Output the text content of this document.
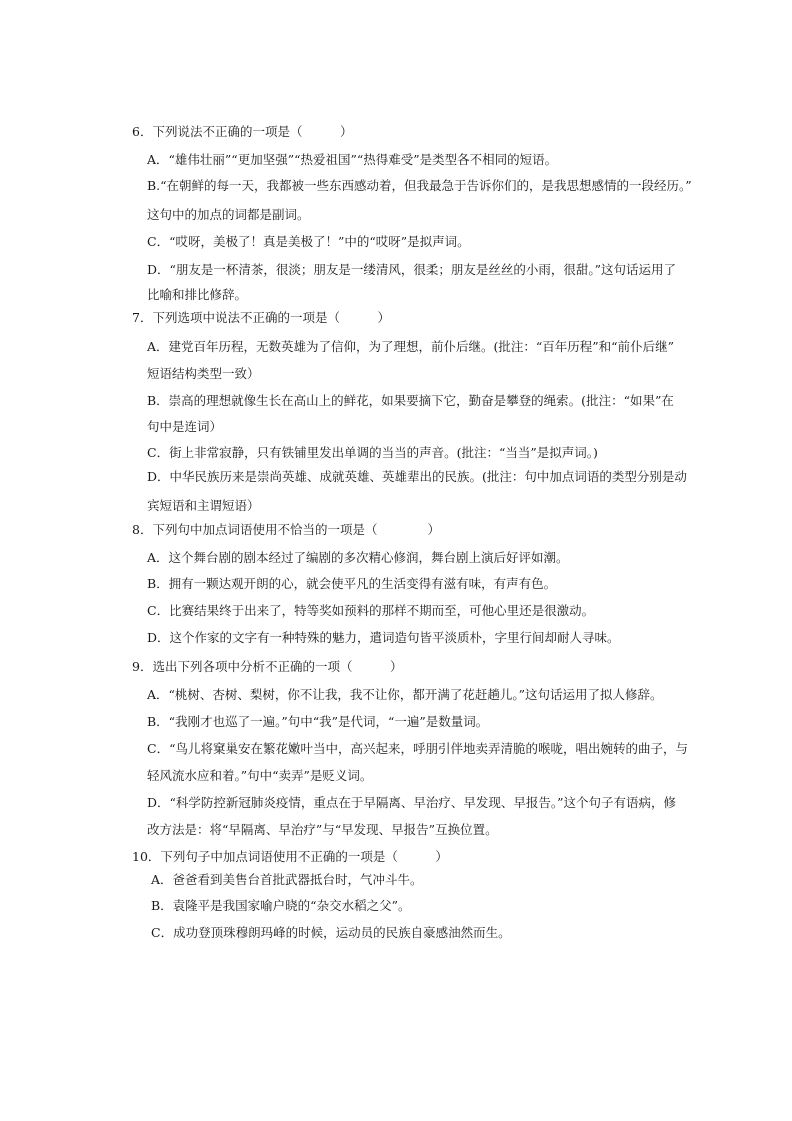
6．下列说法不正确的一项是（　　　）
A．“雄伟壮丽”“更加坚强”“热爱祖国”“热得难受”是类型各不相同的短语。
B.“在朝鲜的每一天，我都被一些东西感动着，但我最急于告诉你们的，是我思想感情的一段经历。”
这句中的加点的词都是副词。
C．“哎呀，美极了！真是美极了！”中的“哎呀”是拟声词。
D．“朋友是一杯清茶，很淡；朋友是一缕清风，很柔；朋友是丝丝的小雨，很甜。”这句话运用了
比喻和排比修辞。
7．下列选项中说法不正确的一项是（　　　）
A．建党百年历程，无数英雄为了信仰，为了理想，前仆后继。(批注：“百年历程”和“前仆后继”
短语结构类型一致）
B．崇高的理想就像生长在高山上的鲜花，如果要摘下它，勤奋是攀登的绳索。(批注：“如果”在
句中是连词）
C．街上非常寂静，只有铁铺里发出单调的当当的声音。(批注：“当当”是拟声词。)
D．中华民族历来是崇尚英雄、成就英雄、英雄辈出的民族。(批注：句中加点词语的类型分别是动
宾短语和主谓短语）
8．下列句中加点词语使用不恰当的一项是（　　　　）
A．这个舞台剧的剧本经过了编剧的多次精心修润，舞台剧上演后好评如潮。
B．拥有一颗达观开朗的心，就会使平凡的生活变得有滋有味，有声有色。
C．比赛结果终于出来了，特等奖如预料的那样不期而至，可他心里还是很激动。
D．这个作家的文字有一种特殊的魅力，遣词造句皆平淡质朴，字里行间却耐人寻味。
9．选出下列各项中分析不正确的一项（　　　）
A．“桃树、杏树、梨树，你不让我，我不让你，都开满了花赶趟儿。”这句话运用了拟人修辞。
B．“我刚才也巡了一遍。”句中“我”是代词，“一遍”是数量词。
C．“鸟儿将窠巢安在繁花嫩叶当中，高兴起来，呼朋引伴地卖弄清脆的喉咙，唱出婉转的曲子，与
轻风流水应和着。”句中“卖弄”是贬义词。
D．“科学防控新冠肺炎疫情，重点在于早隔离、早治疗、早发现、早报告。”这个句子有语病，修
改方法是：将“早隔离、早治疗”与“早发现、早报告”互换位置。
10．下列句子中加点词语使用不正确的一项是（　　　）
A．爸爸看到美售台首批武器抵台时，气冲斗牛。
B．袁隆平是我国家喻户晓的“杂交水稻之父”。
C．成功登顶珠穆朗玛峰的时候，运动员的民族自豪感油然而生。
